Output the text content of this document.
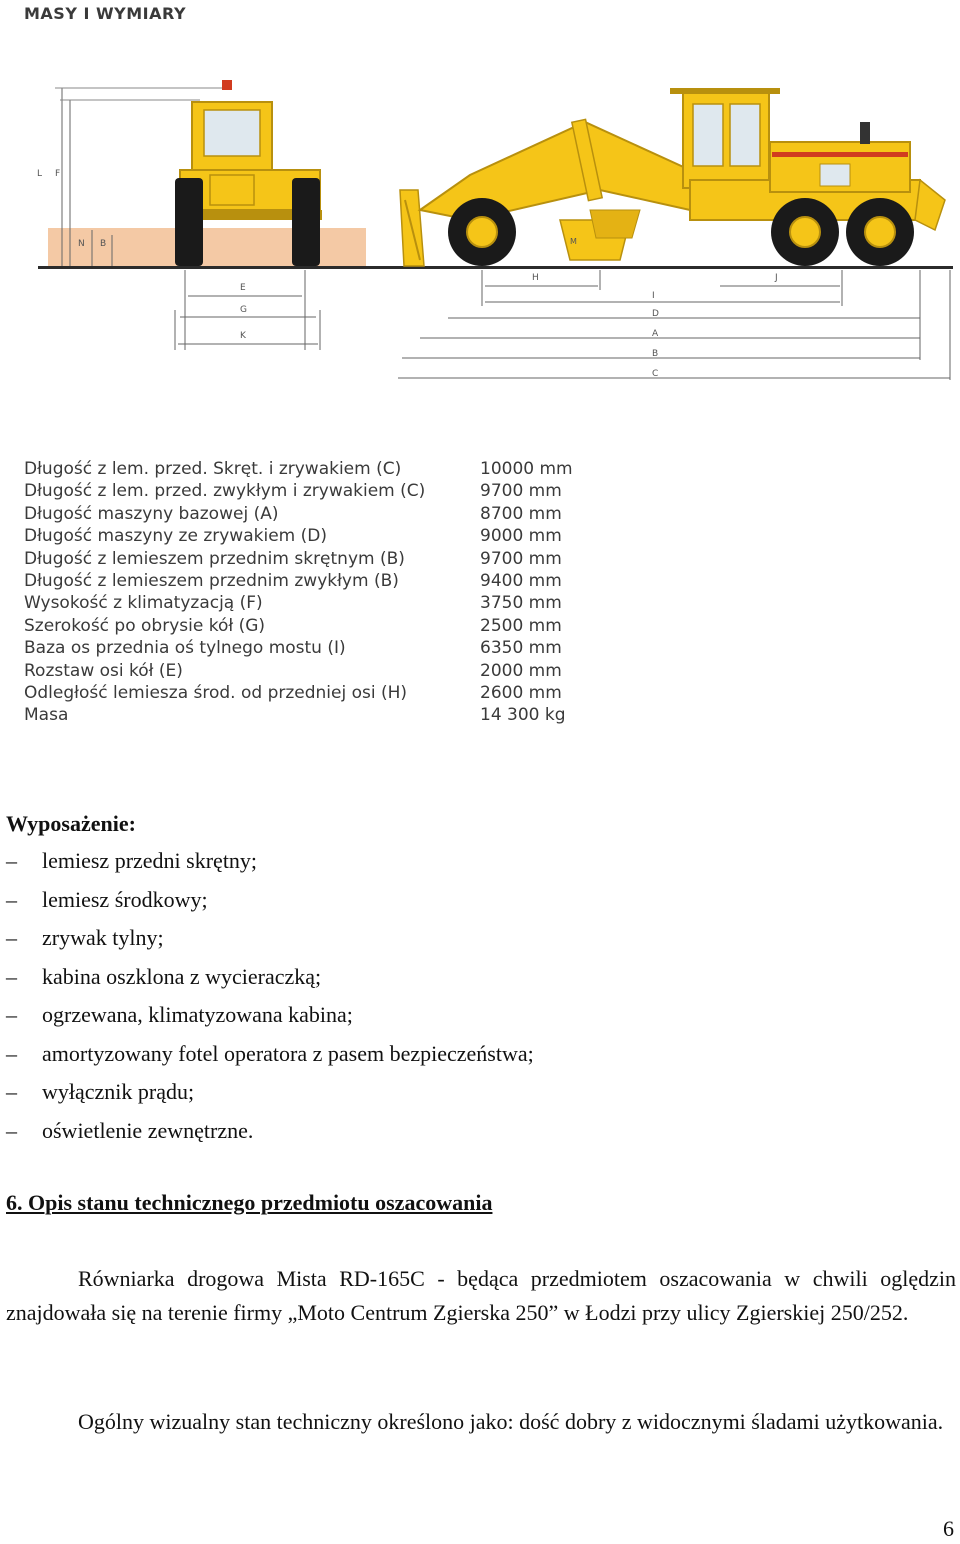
MASY I WYMIARY
L F
N B
E
G
K
M
H	J
I
D
A
B
C
Długość z lem. przed. Skręt. i zrywakiem (C)	10000 mm
Długość z lem. przed. zwykłym i zrywakiem (C)	9700 mm
Długość maszyny bazowej (A)	8700 mm
Długość maszyny ze zrywakiem (D)	9000 mm
Długość z lemieszem przednim skrętnym (B)	9700 mm
Długość z lemieszem przednim zwykłym (B)	9400 mm
Wysokość z klimatyzacją (F)	3750 mm
Szerokość po obrysie kół (G)	2500 mm
Baza os przednia oś tylnego mostu (I)	6350 mm
Rozstaw osi kół (E)	2000 mm
Odległość lemiesza środ. od przedniej osi (H)	2600 mm
Masa	14 300 kg
Wyposażenie:
–	lemiesz przedni skrętny;
–	lemiesz środkowy;
–	zrywak tylny;
–	kabina oszklona z wycieraczką;
–	ogrzewana, klimatyzowana kabina;
–	amortyzowany fotel operatora z pasem bezpieczeństwa;
–	wyłącznik prądu;
–	oświetlenie zewnętrzne.
6. Opis stanu technicznego przedmiotu oszacowania
Równiarka drogowa Mista RD-165C - będąca przedmiotem oszacowania w chwili oględzin znajdowała się na terenie firmy „Moto Centrum Zgierska 250” w Łodzi przy ulicy Zgierskiej 250/252.
Ogólny wizualny stan techniczny określono jako: dość dobry z widocznymi śladami użytkowania.
6
